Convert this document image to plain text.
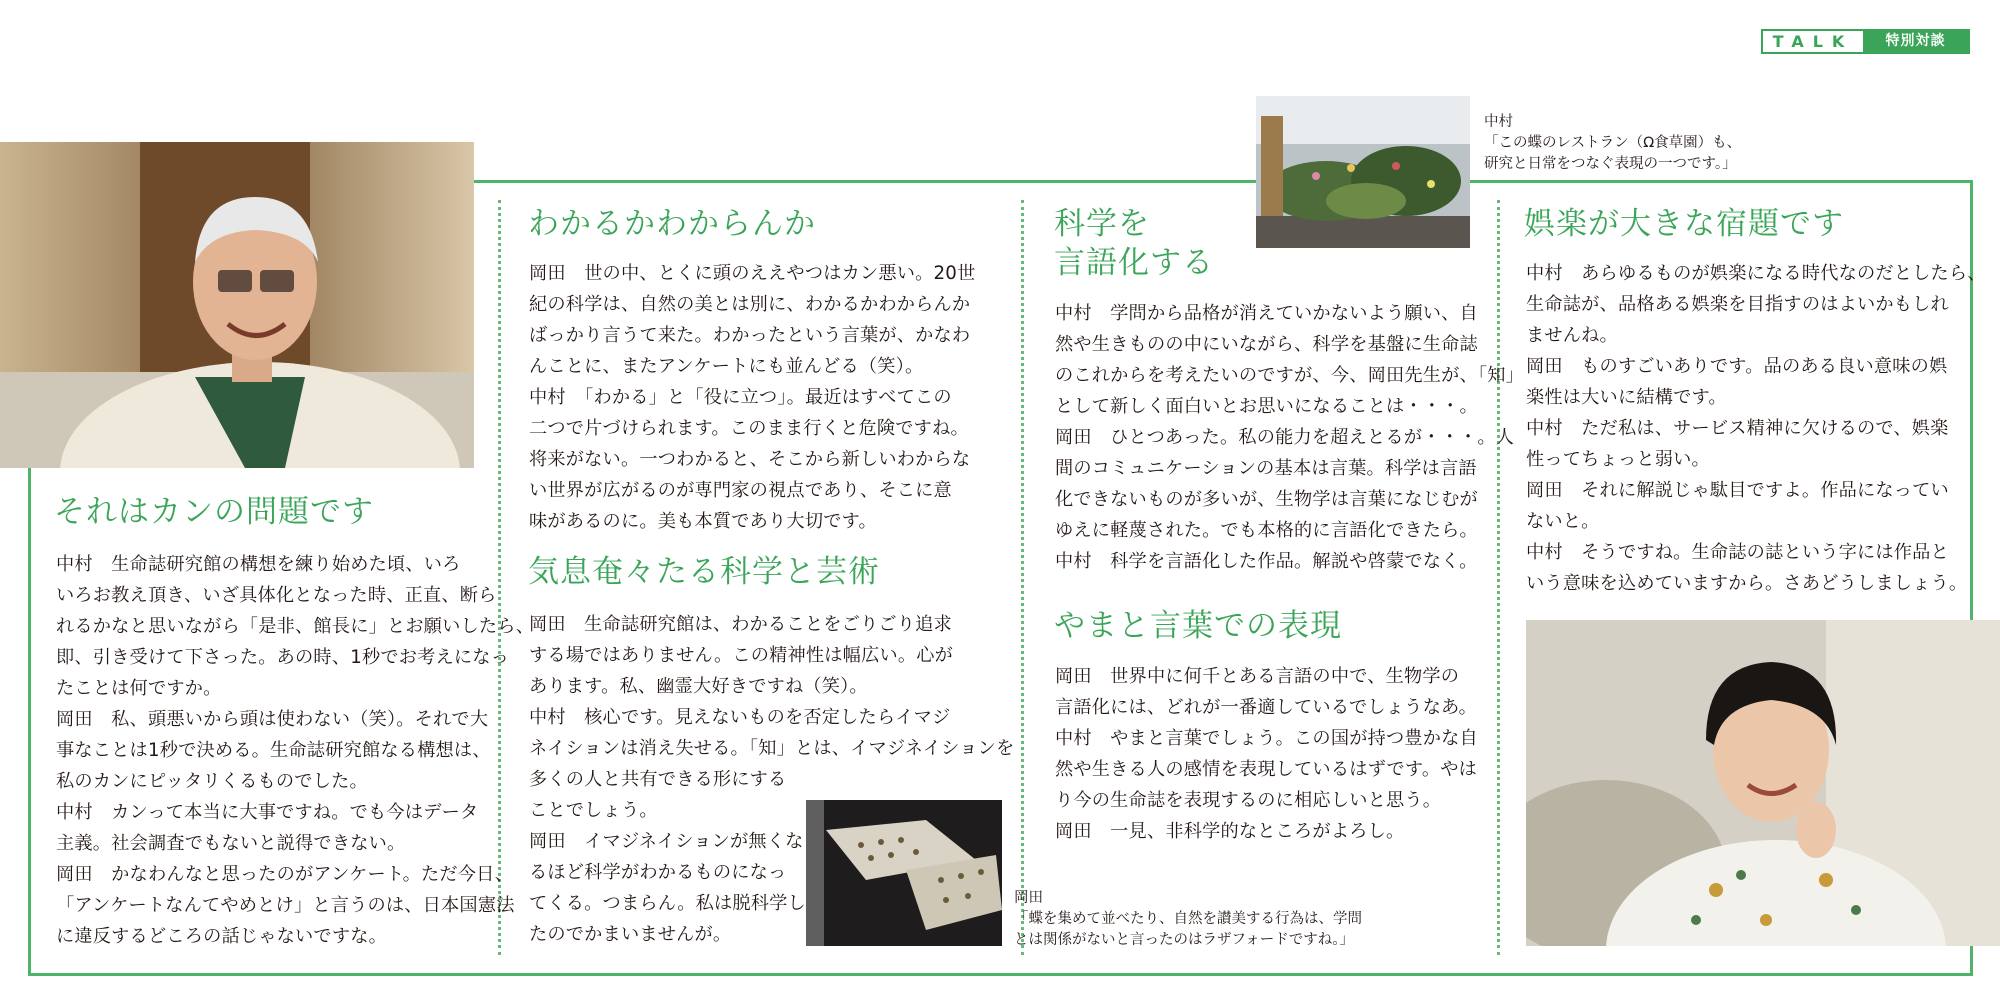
TALK	特別対談
中村
「この蝶のレストラン（Ω食草園）も、
研究と日常をつなぐ表現の一つです。」
岡田
「蝶を集めて並べたり、自然を讃美する行為は、学問
とは関係がないと言ったのはラザフォードですね。」
それはカンの問題です

中村　生命誌研究館の構想を練り始めた頃、いろ
いろお教え頂き、いざ具体化となった時、正直、断ら
れるかなと思いながら「是非、館長に」とお願いしたら、
即、引き受けて下さった。あの時、1秒でお考えになっ
たことは何ですか。
岡田　私、頭悪いから頭は使わない（笑）。それで大
事なことは1秒で決める。生命誌研究館なる構想は、
私のカンにピッタリくるものでした。
中村　カンって本当に大事ですね。でも今はデータ
主義。社会調査でもないと説得できない。
岡田　かなわんなと思ったのがアンケート。ただ今日、
「アンケートなんてやめとけ」と言うのは、日本国憲法
に違反するどころの話じゃないですな。

わかるかわからんか

岡田　世の中、とくに頭のええやつはカン悪い。20世
紀の科学は、自然の美とは別に、わかるかわからんか
ばっかり言うて来た。わかったという言葉が、かなわ
んことに、またアンケートにも並んどる（笑）。
中村　「わかる」と「役に立つ」。最近はすべてこの
二つで片づけられます。このまま行くと危険ですね。
将来がない。一つわかると、そこから新しいわからな
い世界が広がるのが専門家の視点であり、そこに意
味があるのに。美も本質であり大切です。

気息奄々たる科学と芸術

岡田　生命誌研究館は、わかることをごりごり追求
する場ではありません。この精神性は幅広い。心が
あります。私、幽霊大好きですね（笑）。
中村　核心です。見えないものを否定したらイマジ
ネイションは消え失せる。「知」とは、イマジネイションを

多くの人と共有できる形にする
ことでしょう。
岡田　イマジネイションが無くな
るほど科学がわかるものになっ
てくる。つまらん。私は脱科学し
たのでかまいませんが。

科学を
言語化する

中村　学問から品格が消えていかないよう願い、自
然や生きものの中にいながら、科学を基盤に生命誌
のこれからを考えたいのですが、今、岡田先生が、「知」
として新しく面白いとお思いになることは・・・。
岡田　ひとつあった。私の能力を超えとるが・・・。人
間のコミュニケーションの基本は言葉。科学は言語
化できないものが多いが、生物学は言葉になじむが
ゆえに軽蔑された。でも本格的に言語化できたら。
中村　科学を言語化した作品。解説や啓蒙でなく。

やまと言葉での表現

岡田　世界中に何千とある言語の中で、生物学の
言語化には、どれが一番適しているでしょうなあ。
中村　やまと言葉でしょう。この国が持つ豊かな自
然や生きる人の感情を表現しているはずです。やは
り今の生命誌を表現するのに相応しいと思う。
岡田　一見、非科学的なところがよろし。

娯楽が大きな宿題です

中村　あらゆるものが娯楽になる時代なのだとしたら、
生命誌が、品格ある娯楽を目指すのはよいかもしれ
ませんね。
岡田　ものすごいありです。品のある良い意味の娯
楽性は大いに結構です。
中村　ただ私は、サービス精神に欠けるので、娯楽
性ってちょっと弱い。
岡田　それに解説じゃ駄目ですよ。作品になってい
ないと。
中村　そうですね。生命誌の誌という字には作品と
いう意味を込めていますから。さあどうしましょう。
